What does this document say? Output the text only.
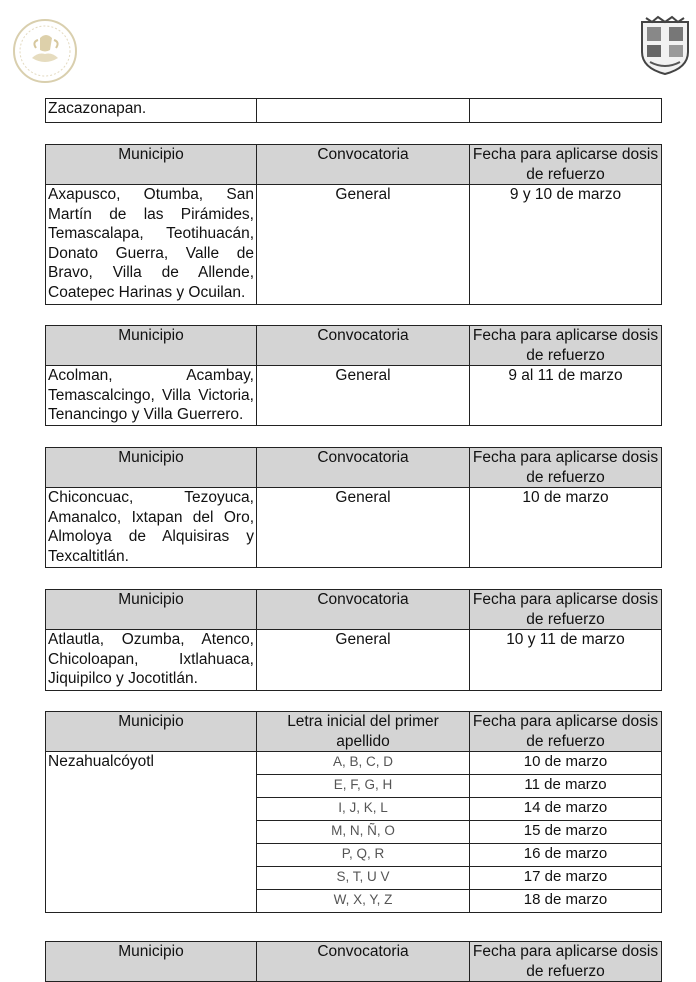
Zacazonapan.		
Municipio	Convocatoria	Fecha para aplicarse dosis de refuerzo
Axapusco, Otumba, San Martín de las Pirámides, Temascalapa, Teotihuacán, Donato Guerra, Valle de Bravo, Villa de Allende, Coatepec Harinas y Ocuilan.	General	9 y 10 de marzo
Municipio	Convocatoria	Fecha para aplicarse dosis de refuerzo
Acolman, Acambay, Temascalcingo, Villa Victoria, Tenancingo y Villa Guerrero.	General	9 al 11 de marzo
Municipio	Convocatoria	Fecha para aplicarse dosis de refuerzo
Chiconcuac, Tezoyuca, Amanalco, Ixtapan del Oro, Almoloya de Alquisiras y Texcaltitlán.	General	10 de marzo
Municipio	Convocatoria	Fecha para aplicarse dosis de refuerzo
Atlautla, Ozumba, Atenco, Chicoloapan, Ixtlahuaca, Jiquipilco y Jocotitlán.	General	10 y 11 de marzo
Municipio	Letra inicial del primer apellido	Fecha para aplicarse dosis de refuerzo
Nezahualcóyotl	A, B, C, D	10 de marzo
	E, F, G, H	11 de marzo
	I, J, K, L	14 de marzo
	M, N, Ñ, O	15 de marzo
	P, Q, R	16 de marzo
	S, T, U V	17 de marzo
	W, X, Y, Z	18 de marzo
Municipio	Convocatoria	Fecha para aplicarse dosis de refuerzo
